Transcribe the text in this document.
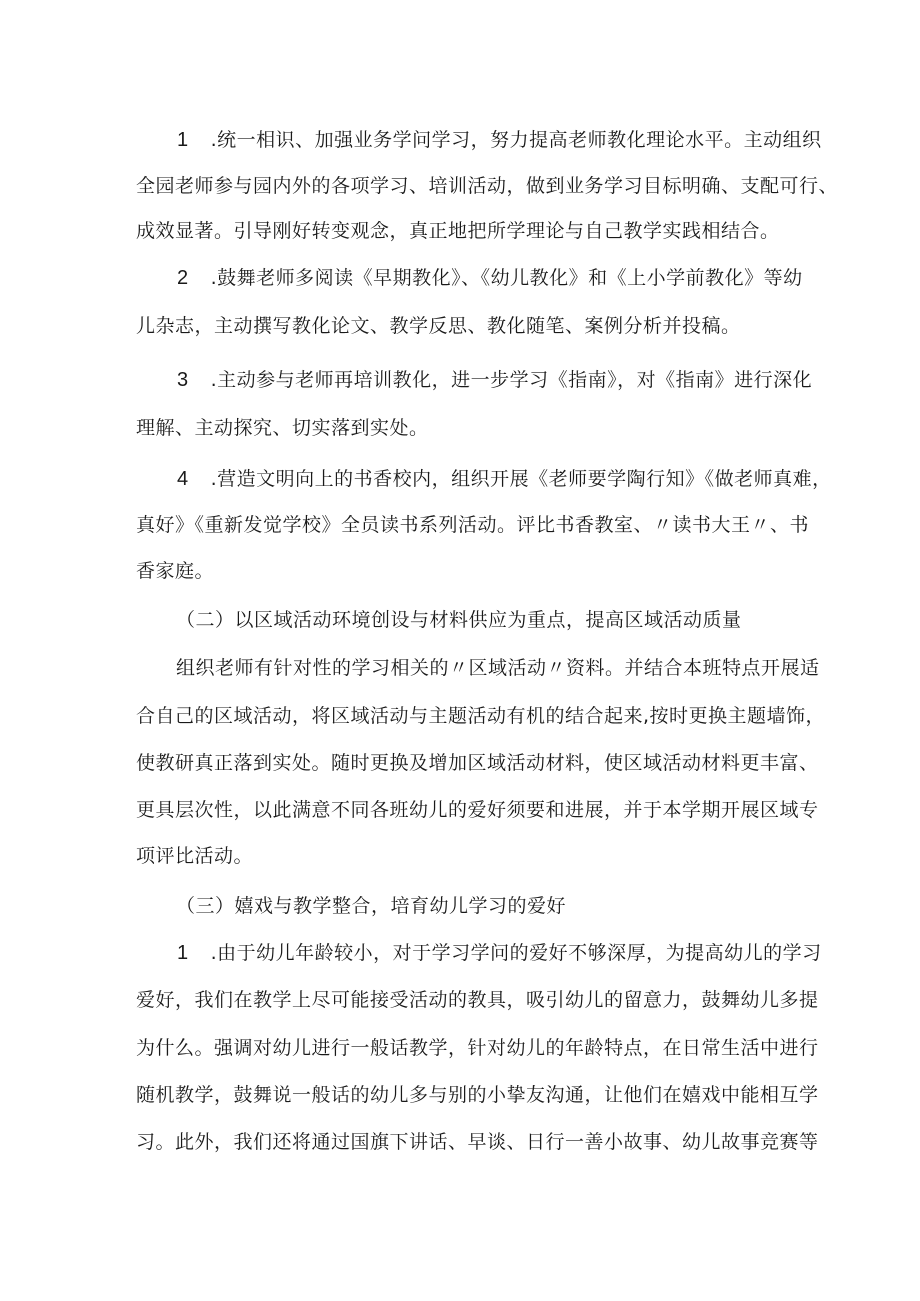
1 .统一相识、加强业务学问学习，努力提高老师教化理论水平。主动组织
全园老师参与园内外的各项学习、培训活动，做到业务学习目标明确、支配可行、
成效显著。引导刚好转变观念，真正地把所学理论与自己教学实践相结合。
2 .鼓舞老师多阅读《早期教化》、《幼儿教化》和《上小学前教化》等幼
儿杂志，主动撰写教化论文、教学反思、教化随笔、案例分析并投稿。
3 .主动参与老师再培训教化，进一步学习《指南》，对《指南》进行深化
理解、主动探究、切实落到实处。
4 .营造文明向上的书香校内，组织开展《老师要学陶行知》《做老师真难，
真好》《重新发觉学校》全员读书系列活动。评比书香教室、〃读书大王〃、书
香家庭。
（二）以区域活动环境创设与材料供应为重点，提高区域活动质量
组织老师有针对性的学习相关的〃区域活动〃资料。并结合本班特点开展适
合自己的区域活动，将区域活动与主题活动有机的结合起来,按时更换主题墙饰，
使教研真正落到实处。随时更换及增加区域活动材料，使区域活动材料更丰富、
更具层次性，以此满意不同各班幼儿的爱好须要和进展，并于本学期开展区域专
项评比活动。
（三）嬉戏与教学整合，培育幼儿学习的爱好
1 .由于幼儿年龄较小，对于学习学问的爱好不够深厚，为提高幼儿的学习
爱好，我们在教学上尽可能接受活动的教具，吸引幼儿的留意力，鼓舞幼儿多提
为什么。强调对幼儿进行一般话教学，针对幼儿的年龄特点，在日常生活中进行
随机教学，鼓舞说一般话的幼儿多与别的小挚友沟通，让他们在嬉戏中能相互学
习。此外，我们还将通过国旗下讲话、早谈、日行一善小故事、幼儿故事竞赛等
